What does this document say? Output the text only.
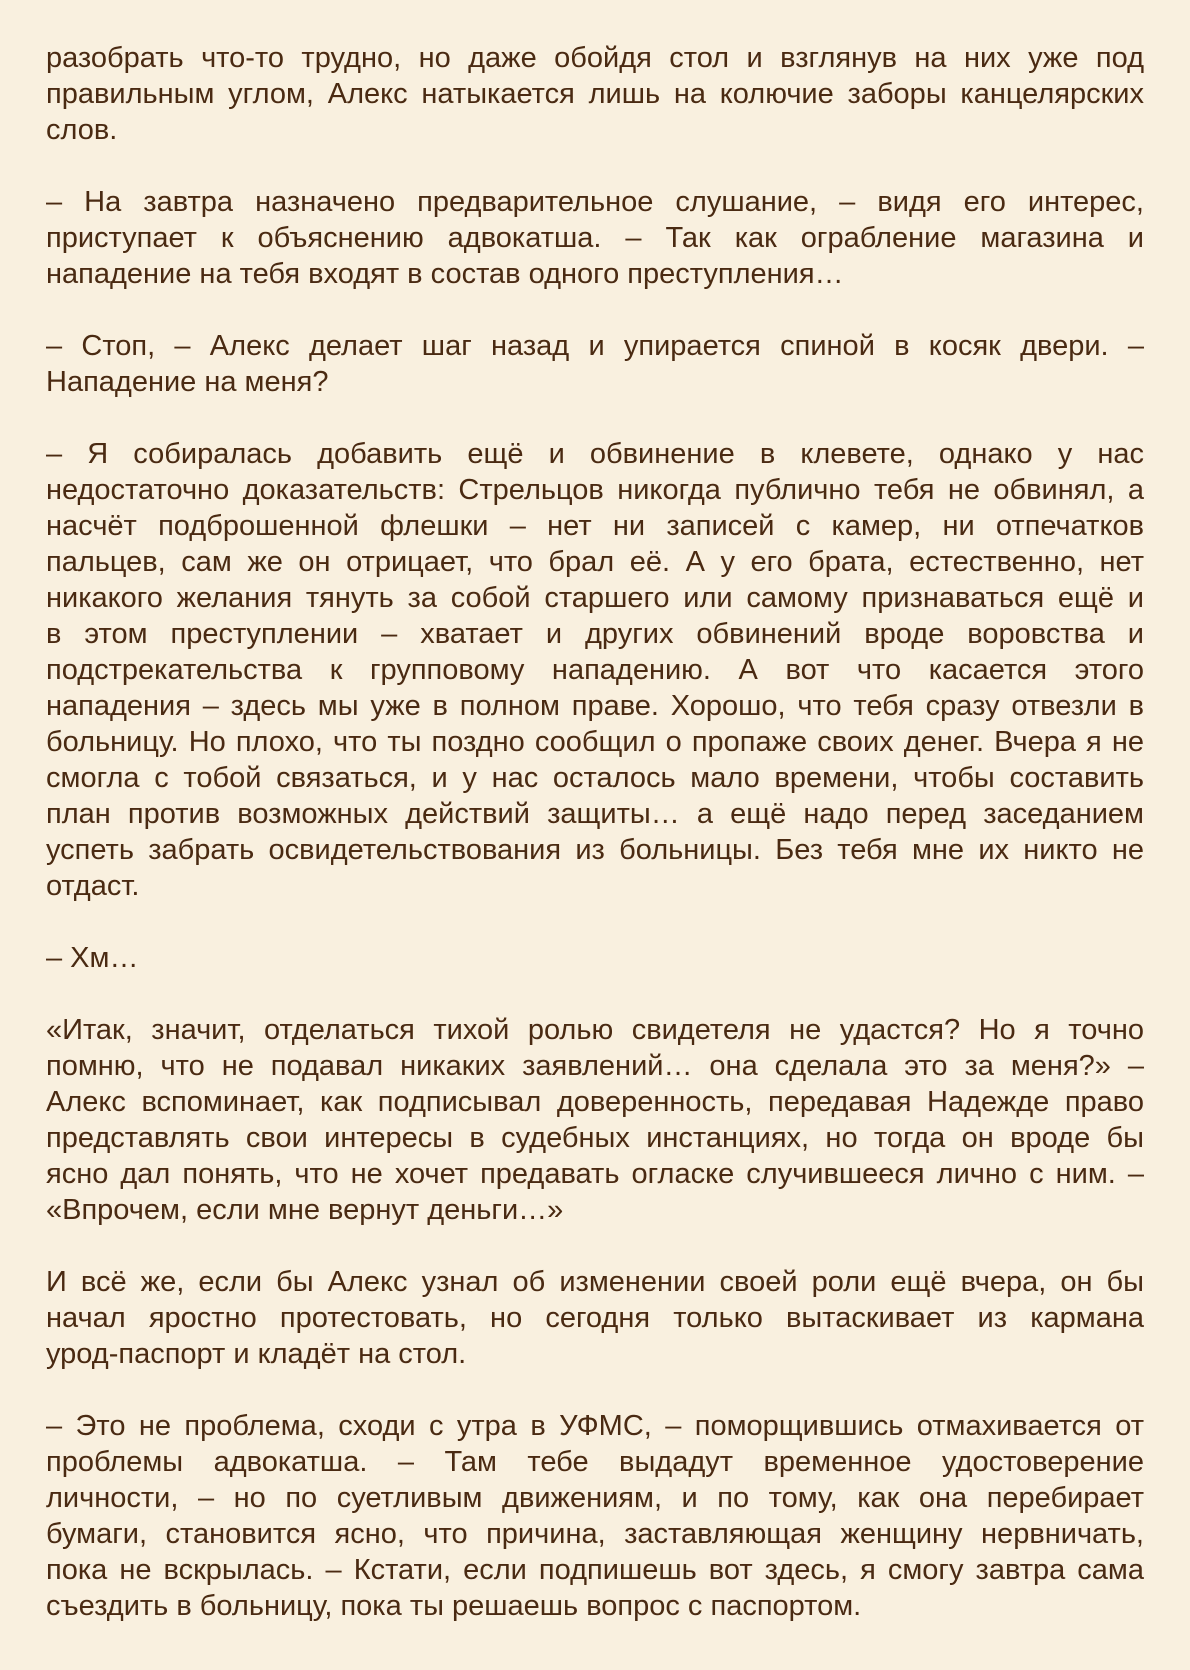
разобрать что-то трудно, но даже обойдя стол и взглянув на них уже под
правильным углом, Алекс натыкается лишь на колючие заборы канцелярских
слов.
– На завтра назначено предварительное слушание, – видя его интерес,
приступает к объяснению адвокатша. – Так как ограбление магазина и
нападение на тебя входят в состав одного преступления…
– Стоп, – Алекс делает шаг назад и упирается спиной в косяк двери. –
Нападение на меня?
– Я собиралась добавить ещё и обвинение в клевете, однако у нас
недостаточно доказательств: Стрельцов никогда публично тебя не обвинял, а
насчёт подброшенной флешки – нет ни записей с камер, ни отпечатков
пальцев, сам же он отрицает, что брал её. А у его брата, естественно, нет
никакого желания тянуть за собой старшего или самому признаваться ещё и
в этом преступлении – хватает и других обвинений вроде воровства и
подстрекательства к групповому нападению. А вот что касается этого
нападения – здесь мы уже в полном праве. Хорошо, что тебя сразу отвезли в
больницу. Но плохо, что ты поздно сообщил о пропаже своих денег. Вчера я не
смогла с тобой связаться, и у нас осталось мало времени, чтобы составить
план против возможных действий защиты… а ещё надо перед заседанием
успеть забрать освидетельствования из больницы. Без тебя мне их никто не
отдаст.
– Хм…
«Итак, значит, отделаться тихой ролью свидетеля не удастся? Но я точно
помню, что не подавал никаких заявлений… она сделала это за меня?» –
Алекс вспоминает, как подписывал доверенность, передавая Надежде право
представлять свои интересы в судебных инстанциях, но тогда он вроде бы
ясно дал понять, что не хочет предавать огласке случившееся лично с ним. –
«Впрочем, если мне вернут деньги…»
И всё же, если бы Алекс узнал об изменении своей роли ещё вчера, он бы
начал яростно протестовать, но сегодня только вытаскивает из кармана
урод-паспорт и кладёт на стол.
– Это не проблема, сходи с утра в УФМС, – поморщившись отмахивается от
проблемы адвокатша. – Там тебе выдадут временное удостоверение
личности, – но по суетливым движениям, и по тому, как она перебирает
бумаги, становится ясно, что причина, заставляющая женщину нервничать,
пока не вскрылась. – Кстати, если подпишешь вот здесь, я смогу завтра сама
съездить в больницу, пока ты решаешь вопрос с паспортом.
